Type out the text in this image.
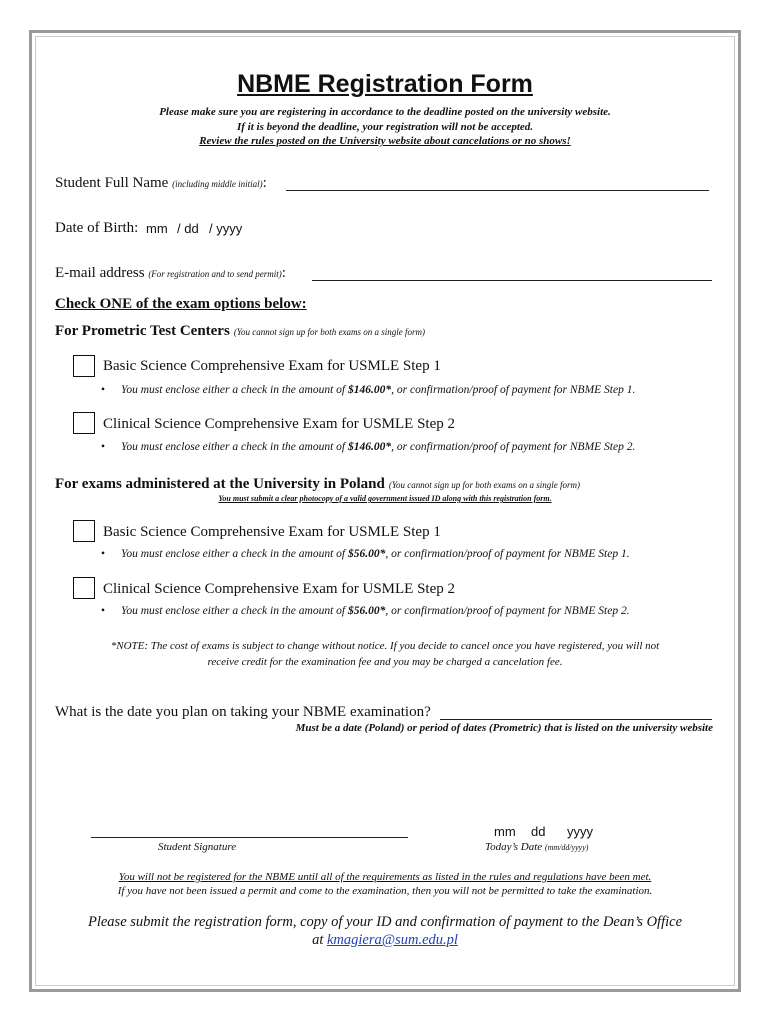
NBME Registration Form
Please make sure you are registering in accordance to the deadline posted on the university website.
If it is beyond the deadline, your registration will not be accepted.
Review the rules posted on the University website about cancelations or no shows!
Student Full Name (including middle initial):
Date of Birth: mm / dd / yyyy
E-mail address (For registration and to send permit):
Check ONE of the exam options below:
For Prometric Test Centers (You cannot sign up for both exams on a single form)
Basic Science Comprehensive Exam for USMLE Step 1
• You must enclose either a check in the amount of $146.00*, or confirmation/proof of payment for NBME Step 1.
Clinical Science Comprehensive Exam for USMLE Step 2
• You must enclose either a check in the amount of $146.00*, or confirmation/proof of payment for NBME Step 2.
For exams administered at the University in Poland (You cannot sign up for both exams on a single form)
You must submit a clear photocopy of a valid government issued ID along with this registration form.
Basic Science Comprehensive Exam for USMLE Step 1
• You must enclose either a check in the amount of $56.00*, or confirmation/proof of payment for NBME Step 1.
Clinical Science Comprehensive Exam for USMLE Step 2
• You must enclose either a check in the amount of $56.00*, or confirmation/proof of payment for NBME Step 2.
*NOTE: The cost of exams is subject to change without notice. If you decide to cancel once you have registered, you will not
receive credit for the examination fee and you may be charged a cancelation fee.
What is the date you plan on taking your NBME examination?
Must be a date (Poland) or period of dates (Prometric) that is listed on the university website
Student Signature
mm dd yyyy
Today’s Date (mm/dd/yyyy)
You will not be registered for the NBME until all of the requirements as listed in the rules and regulations have been met.
If you have not been issued a permit and come to the examination, then you will not be permitted to take the examination.
Please submit the registration form, copy of your ID and confirmation of payment to the Dean’s Office
at kmagiera@sum.edu.pl
